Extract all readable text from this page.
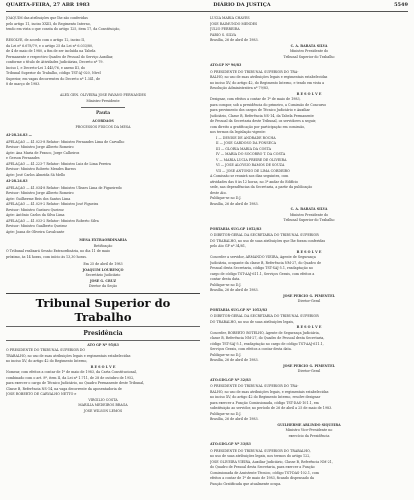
QUARTA-FEIRA, 27 ABR 1983	DIÁRIO DA JUSTIÇA	5549
JOAQUIM das atribuições que lhe são conferidas
pelo artigo 11, inciso XXIII, do Regimento Interno,
tendo em vista o que consta do artigo 125, item 17, da Constituição,

RESOLVE, de acordo com o artigo 12, inciso II,
da Lei nº 6.678/79, e o artigo 25 da Lei nº 6.033/80,
de 4 de maio de 1980, a fim de ser incluída na Tabela
Permanente e respectivo Quadro de Pessoal do Serviço Auxiliar,
conforme o título de Atividades Judiciárias, Decreto nº 79.
Inciso I, e Decreto-Lei 1.445/76, e anexo III, do
Tribunal Superior do Trabalho, código TST-AJ-020, Nível
Superior, em vagas decorrentes do Decreto nº 1.341, de
8 de março de 1983.

ALEX GEN. OLIVEIRA JOSÉ PAVANO FERNANDES
Ministro-Presidente
Pauta
ACÓRDÃOS
PROCESSOS FÍSICOS DA MESA
AI-28.24.83 —
APELAÇÃO — 41.023-8 Relator: Ministro Fernandes Lima de Carvalho
Revisor: Ministro Jorge Alberto Romeiro
Apte: Ana Maria de Franco, Jorge Calheiros
e Gerson Fernandes
APELAÇÃO — 41.223-7 Relator: Ministro Luiz de Lima Pereira
Revisor: Ministro Roberto Mendes Barros
Apte: José Carlos Almeida Sá Mello
AI-28.24.83
APELAÇÃO — 41.034-8 Relator: Ministro Ulisses Lima de Figueiredo
Revisor: Ministro Jorge Alberto Romeiro
Apte: Guilherme Reis dos Santos Lima
APELAÇÃO — 41.029-2 Relator: Ministro José Figueira
Revisor: Ministro Gustavo Queiroz
Apte: Antônio Carlos da Silva Lima
APELAÇÃO — 41.033-2 Relator: Ministro Roberto Silva
Revisor: Ministro Gualberto Queiroz
Apte: Joana de Oliveira Cavalcante
MESA EXTRAORDINÁRIA
Retificação
O Tribunal realizará Sessão Extraordinária, no dia 11 de maio
próximo, às 14 horas, com início às 13,30 horas.
Em 25 de abril de 1983
JOAQUIM LOURENÇO
Secretário Judiciário
JOSÉ G. CRUZ
Diretor da Seção
Tribunal Superior do Trabalho
Presidência
ATO GP Nº 95/83
O PRESIDENTE DO TRIBUNAL SUPERIOR DO
TRABALHO, no uso de suas atribuições legais e regimentais estabelecidas
no inciso XV, do artigo 42 do Regimento Interno,
R E S O L V E
Nomear, com efeitos a contar de 1º de maio de 1983, da Carta Constitucional,
combinado com o art. 8º, item II, da Lei nº 1.711, de 28 de outubro de 1952,
para exercer o cargo de Técnico Judiciário, no Quadro Permanente deste Tribunal,
Classe B, Referência NS-14, na vaga decorrente da aposentadoria de
JOSÉ ROBERTO DE CARVALHO NETTO e
VIRGÍLIO COSTA
MARÍLIA MEDEIROS BRAGA
JOSÉ WILSON LEMOS
LÚCIA MARIA CHAVES
JOSÉ RAIMUNDO MENDES
JÚLIO FERREIRA
FÁBIO S. SILVA
Brasília, 26 de abril de 1983.
C. A. BARATA SILVA
Ministro Presidente do
Tribunal Superior do Trabalho
ATO.GP Nº 96/83
O PRESIDENTE DO TRIBUNAL SUPERIOR DO TRA-
BALHO, no uso de suas atribuições legais e regimentais estabelecidas
no inciso XV, do artigo 42, do Regimento Interno, e tendo em vista a
Resolução Administrativa nº 79/83,
R E S O L V E
Designar, com efeitos a contar de 1º de maio de 1983,
para compor, sob a presidência do primeiro, a Comissão de Concurso
para provimento dos cargos de Técnico Judiciário e Auxiliar
Judiciário, Classe B, Referência NS-14, da Tabela Permanente
de Pessoal da Secretaria deste Tribunal, os servidores a seguir,
com direito a gratificação por participação em comissão,
nos termos da legislação vigente:
I — DENISE DE ANDRADE ROCHA
II — JOSÉ CARDOSO DA FONSECA
III — GLÓRIA MARIA DA COSTA
IV — MARIA DO SOCORRO T. DA COSTA
V — MARIA LÚCIA FREIRE DE OLIVEIRA
VI — JOSÉ ALOYSIO RAMOS DE SOUZA
VII — JOSÉ ANTÔNIO DE LIMA CORDEIRO
A Comissão se reunirá nos dias seguintes, com
atividades das 8 às 12 horas, no 3º andar do Edifício
sede, nas dependências da Secretaria, a partir da publicação
deste Ato.
Publique-se no D.J.
Brasília, 26 de abril de 1983.
C. A. BARATA SILVA
Ministro Presidente do
Tribunal Superior do Trabalho
PORTARIA SUG.GP 1052/83
O DIRETOR-GERAL DA SECRETARIA DO TRIBUNAL SUPERIOR
DO TRABALHO, no uso de suas atribuições que lhe foram conferidas
pelo Ato GP nº 34/81,
R E S O L V E
Conceder a servidor, ARMANDO VIEIRA, Agente de Segurança
Judiciária, ocupante da classe B, Referência NM-27, do Quadro de
Pessoal desta Secretaria, código TST-SAJ-5.1, readaptação no
cargo de código TST-AAJ-611.1, Serviços Gerais, com efeitos a
contar desta data.
Publique-se no D.J.
Brasília, 26 de abril de 1983.
JOSÉ PÉRCIO G. PIMENTEL
Diretor-Geral
PORTARIA SUG.GP Nº 1053/83
O DIRETOR-GERAL DA SECRETARIA DO TRIBUNAL SUPERIOR
DO TRABALHO, no uso de suas atribuições legais,
R E S O L V E
Conceder, ROBERTO BOTELHO, Agente de Segurança Judiciária,
classe B, Referência NM-27, do Quadro de Pessoal desta Secretaria,
código TST-SAJ-5.1, readaptação no cargo de código TST-AAJ-611.1,
Serviços Gerais, com efeitos a contar desta data.
Publique-se no D.J.
Brasília, 26 de abril de 1983.
JOSÉ PÉRCIO G. PIMENTEL
Diretor-Geral
ATO.GDG.GP Nº 32/83
O PRESIDENTE DO TRIBUNAL SUPERIOR DO TRA-
BALHO, no uso de suas atribuições legais, e regimentais estabelecidas
no inciso XV, do artigo 42 do Regimento Interno, resolve designar
para exercer a Função Comissionada, código TST-DAS-101.1, em
substituição ao servidor, no período de 26 de abril a 25 de maio de 1983.
Publique-se no D.J.
Brasília, 26 de abril de 1983.
GUILHERME ARLINDO SIQUEIRA
Ministro Vice-Presidente no
exercício da Presidência
ATO.GDG.GP Nº 33/83
O PRESIDENTE DO TRIBUNAL SUPERIOR DO TRABALHO,
no uso de suas atribuições legais, nos termos do artigo 122,
JOSÉ OLIVEIRA VIEIRA, Auxiliar Judiciário, Classe B, Referência NM-21,
do Quadro de Pessoal desta Secretaria, para exercer a Função
Comissionada de Assistente Técnico, código TST-DAS-102.1, com
efeitos a contar de 1º de maio de 1983, ficando dispensado da
Função Gratificada que atualmente ocupa.
